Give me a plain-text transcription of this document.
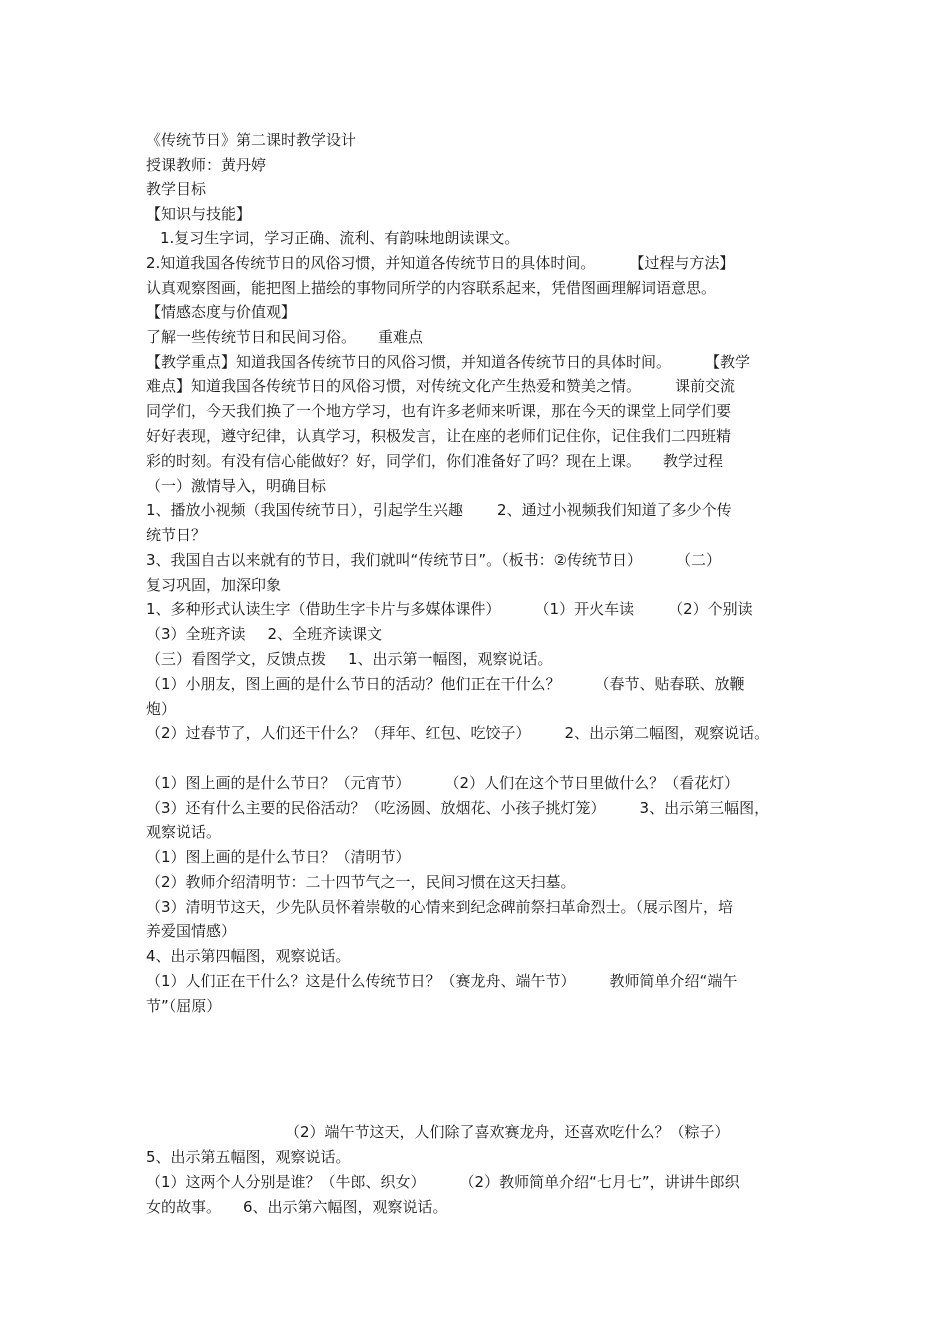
《传统节日》第二课时教学设计
授课教师：黄丹婷
教学目标
【知识与技能】
1.复习生字词，学习正确、流利、有韵味地朗读课文。
2.知道我国各传统节日的风俗习惯，并知道各传统节日的具体时间。 【过程与方法】
认真观察图画，能把图上描绘的事物同所学的内容联系起来，凭借图画理解词语意思。
【情感态度与价值观】
了解一些传统节日和民间习俗。 重难点
【教学重点】知道我国各传统节日的风俗习惯，并知道各传统节日的具体时间。 【教学
难点】知道我国各传统节日的风俗习惯，对传统文化产生热爱和赞美之情。 课前交流
同学们，今天我们换了一个地方学习，也有许多老师来听课，那在今天的课堂上同学们要
好好表现，遵守纪律，认真学习，积极发言，让在座的老师们记住你，记住我们二四班精
彩的时刻。有没有信心能做好？好，同学们，你们准备好了吗？现在上课。 教学过程
（一）激情导入，明确目标
1、播放小视频（我国传统节日），引起学生兴趣 2、通过小视频我们知道了多少个传
统节日？
3、我国自古以来就有的节日，我们就叫“传统节日”。（板书：②传统节日） （二）
复习巩固，加深印象
1、多种形式认读生字（借助生字卡片与多媒体课件） （1）开火车读 （2）个别读
（3）全班齐读 2、全班齐读课文
（三）看图学文，反馈点拨 1、出示第一幅图，观察说话。
（1）小朋友，图上画的是什么节日的活动？他们正在干什么？ （春节、贴春联、放鞭
炮）
（2）过春节了，人们还干什么？（拜年、红包、吃饺子） 2、出示第二幅图，观察说话。
（1）图上画的是什么节日？（元宵节） （2）人们在这个节日里做什么？（看花灯）
（3）还有什么主要的民俗活动？（吃汤圆、放烟花、小孩子挑灯笼） 3、出示第三幅图，
观察说话。
（1）图上画的是什么节日？（清明节）
（2）教师介绍清明节：二十四节气之一，民间习惯在这天扫墓。
（3）清明节这天，少先队员怀着崇敬的心情来到纪念碑前祭扫革命烈士。（展示图片，培
养爱国情感）
4、出示第四幅图，观察说话。
（1）人们正在干什么？这是什么传统节日？（赛龙舟、端午节） 教师简单介绍“端午
节”（屈原）
（2）端午节这天，人们除了喜欢赛龙舟，还喜欢吃什么？（粽子）
5、出示第五幅图，观察说话。
（1）这两个人分别是谁？（牛郎、织女） （2）教师简单介绍“七月七”，讲讲牛郎织
女的故事。 6、出示第六幅图，观察说话。
